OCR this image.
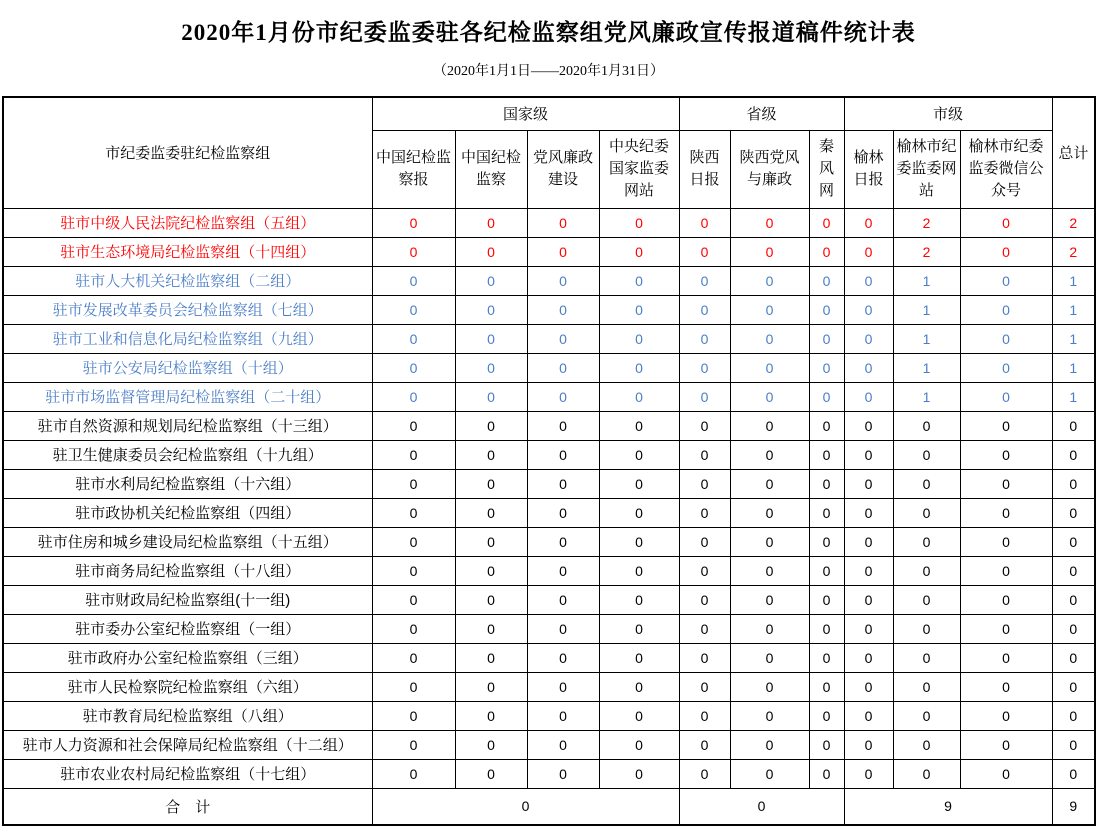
2020年1月份市纪委监委驻各纪检监察组党风廉政宣传报道稿件统计表
（2020年1月1日——2020年1月31日）
市纪委监委驻纪检监察组	国家级				省级			市级			总计
	中国纪检监察报	中国纪检监察	党风廉政建设	中央纪委国家监委网站	陕西日报	陕西党风与廉政	秦风网	榆林日报	榆林市纪委监委网站	榆林市纪委监委微信公众号	
驻市中级人民法院纪检监察组（五组）	0	0	0	0	0	0	0	0	2	0	2
驻市生态环境局纪检监察组（十四组）	0	0	0	0	0	0	0	0	2	0	2
驻市人大机关纪检监察组（二组）	0	0	0	0	0	0	0	0	1	0	1
驻市发展改革委员会纪检监察组（七组）	0	0	0	0	0	0	0	0	1	0	1
驻市工业和信息化局纪检监察组（九组）	0	0	0	0	0	0	0	0	1	0	1
驻市公安局纪检监察组（十组）	0	0	0	0	0	0	0	0	1	0	1
驻市市场监督管理局纪检监察组（二十组）	0	0	0	0	0	0	0	0	1	0	1
驻市自然资源和规划局纪检监察组（十三组）	0	0	0	0	0	0	0	0	0	0	0
驻卫生健康委员会纪检监察组（十九组）	0	0	0	0	0	0	0	0	0	0	0
驻市水利局纪检监察组（十六组）	0	0	0	0	0	0	0	0	0	0	0
驻市政协机关纪检监察组（四组）	0	0	0	0	0	0	0	0	0	0	0
驻市住房和城乡建设局纪检监察组（十五组）	0	0	0	0	0	0	0	0	0	0	0
驻市商务局纪检监察组（十八组）	0	0	0	0	0	0	0	0	0	0	0
驻市财政局纪检监察组(十一组)	0	0	0	0	0	0	0	0	0	0	0
驻市委办公室纪检监察组（一组）	0	0	0	0	0	0	0	0	0	0	0
驻市政府办公室纪检监察组（三组）	0	0	0	0	0	0	0	0	0	0	0
驻市人民检察院纪检监察组（六组）	0	0	0	0	0	0	0	0	0	0	0
驻市教育局纪检监察组（八组）	0	0	0	0	0	0	0	0	0	0	0
驻市人力资源和社会保障局纪检监察组（十二组）	0	0	0	0	0	0	0	0	0	0	0
驻市农业农村局纪检监察组（十七组）	0	0	0	0	0	0	0	0	0	0	0
合　计	0				0			9			9
